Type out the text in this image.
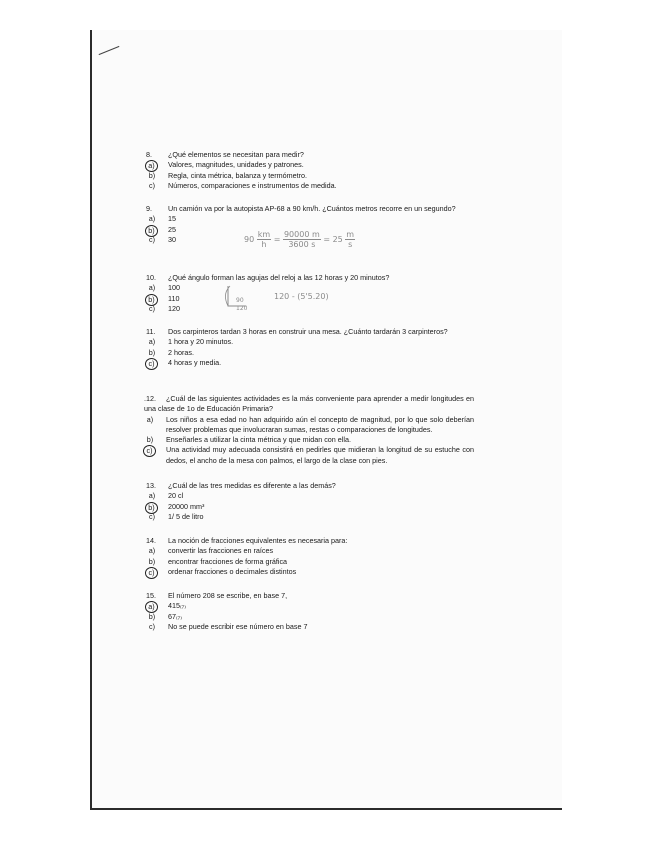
8. ¿Qué elementos se necesitan para medir?
a)	Valores, magnitudes, unidades y patrones.
b)	Regla, cinta métrica, balanza y termómetro.
c)	Números, comparaciones e instrumentos de medida.
9. Un camión va por la autopista AP-68 a 90 km/h. ¿Cuántos metros recorre en un segundo?
a)	15
b)	25
c)	30	$90 \frac{km}{h} = \frac{90000 m}{3600 s} = 25 \frac{m}{s}$
10. ¿Qué ángulo forman las agujas del reloj a las 12 horas y 20 minutos?
a)	100
b)	110
c)	120
90
120
120 - (5'5.20)
11. Dos carpinteros tardan 3 horas en construir una mesa. ¿Cuánto tardarán 3 carpinteros?
a)	1 hora y 20 minutos.
b)	2 horas.
c)	4 horas y media.
.12. ¿Cuál de las siguientes actividades es la más conveniente para aprender a medir longitudes en una clase de 1o de Educación Primaria?
a)	Los niños a esa edad no han adquirido aún el concepto de magnitud, por lo que solo deberían resolver problemas que involucraran sumas, restas o comparaciones de longitudes.
b)	Enseñarles a utilizar la cinta métrica y que midan con ella.
c)	Una actividad muy adecuada consistirá en pedirles que midieran la longitud de su estuche con dedos, el ancho de la mesa con palmos, el largo de la clase con pies.
13. ¿Cuál de las tres medidas es diferente a las demás?
a)	20 cl
b)	20000 mm³
c)	1/ 5 de litro
14. La noción de fracciones equivalentes es necesaria para:
a)	convertir las fracciones en raíces
b)	encontrar fracciones de forma gráfica
c)	ordenar fracciones o decimales distintos
15. El número 208 se escribe, en base 7,
a)	415₍₇₎
b)	67₍₇₎
c)	No se puede escribir ese número en base 7
